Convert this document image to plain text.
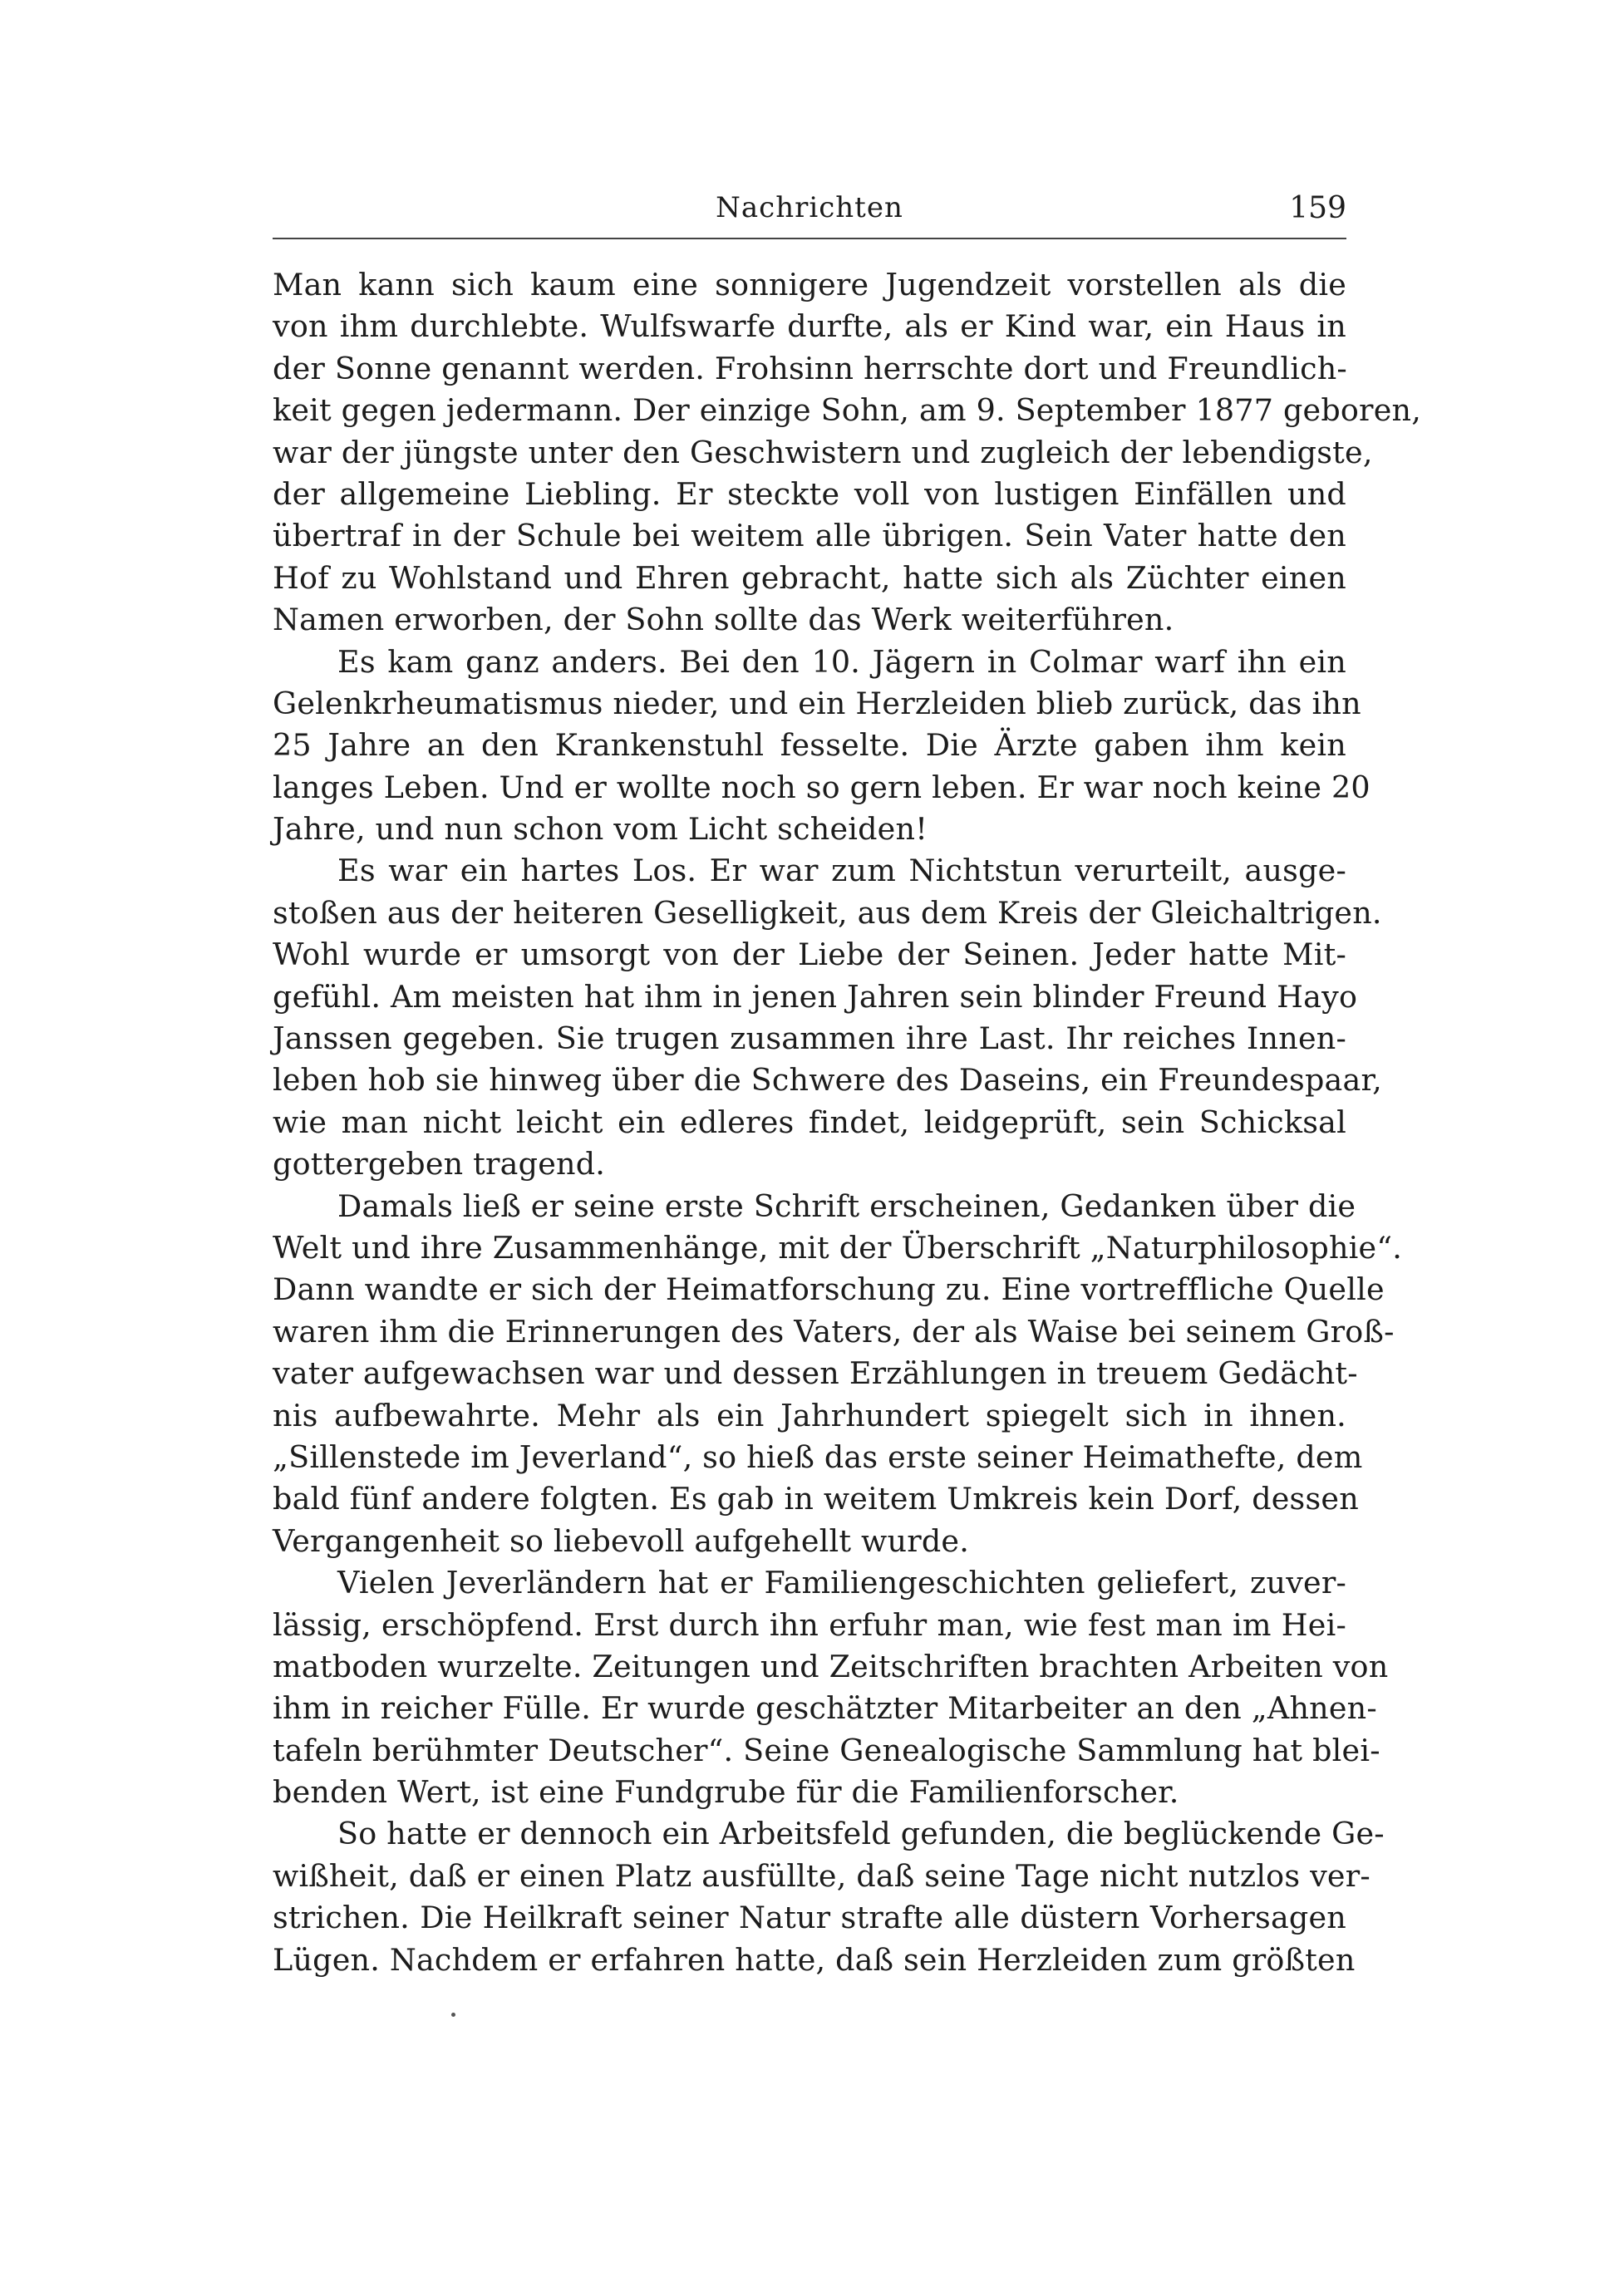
Nachrichten	159
Man kann sich kaum eine sonnigere Jugendzeit vorstellen als die
von ihm durchlebte. Wulfswarfe durfte, als er Kind war, ein Haus in
der Sonne genannt werden. Frohsinn herrschte dort und Freundlich-
keit gegen jedermann. Der einzige Sohn, am 9. September 1877 geboren,
war der jüngste unter den Geschwistern und zugleich der lebendigste,
der allgemeine Liebling. Er steckte voll von lustigen Einfällen und
übertraf in der Schule bei weitem alle übrigen. Sein Vater hatte den
Hof zu Wohlstand und Ehren gebracht, hatte sich als Züchter einen
Namen erworben, der Sohn sollte das Werk weiterführen.
Es kam ganz anders. Bei den 10. Jägern in Colmar warf ihn ein
Gelenkrheumatismus nieder, und ein Herzleiden blieb zurück, das ihn
25 Jahre an den Krankenstuhl fesselte. Die Ärzte gaben ihm kein
langes Leben. Und er wollte noch so gern leben. Er war noch keine 20
Jahre, und nun schon vom Licht scheiden!
Es war ein hartes Los. Er war zum Nichtstun verurteilt, ausge-
stoßen aus der heiteren Geselligkeit, aus dem Kreis der Gleichaltrigen.
Wohl wurde er umsorgt von der Liebe der Seinen. Jeder hatte Mit-
gefühl. Am meisten hat ihm in jenen Jahren sein blinder Freund Hayo
Janssen gegeben. Sie trugen zusammen ihre Last. Ihr reiches Innen-
leben hob sie hinweg über die Schwere des Daseins, ein Freundespaar,
wie man nicht leicht ein edleres findet, leidgeprüft, sein Schicksal
gottergeben tragend.
Damals ließ er seine erste Schrift erscheinen, Gedanken über die
Welt und ihre Zusammenhänge, mit der Überschrift „Naturphilosophie“.
Dann wandte er sich der Heimatforschung zu. Eine vortreffliche Quelle
waren ihm die Erinnerungen des Vaters, der als Waise bei seinem Groß-
vater aufgewachsen war und dessen Erzählungen in treuem Gedächt-
nis aufbewahrte. Mehr als ein Jahrhundert spiegelt sich in ihnen.
„Sillenstede im Jeverland“, so hieß das erste seiner Heimathefte, dem
bald fünf andere folgten. Es gab in weitem Umkreis kein Dorf, dessen
Vergangenheit so liebevoll aufgehellt wurde.
Vielen Jeverländern hat er Familiengeschichten geliefert, zuver-
lässig, erschöpfend. Erst durch ihn erfuhr man, wie fest man im Hei-
matboden wurzelte. Zeitungen und Zeitschriften brachten Arbeiten von
ihm in reicher Fülle. Er wurde geschätzter Mitarbeiter an den „Ahnen-
tafeln berühmter Deutscher“. Seine Genealogische Sammlung hat blei-
benden Wert, ist eine Fundgrube für die Familienforscher.
So hatte er dennoch ein Arbeitsfeld gefunden, die beglückende Ge-
wißheit, daß er einen Platz ausfüllte, daß seine Tage nicht nutzlos ver-
strichen. Die Heilkraft seiner Natur strafte alle düstern Vorhersagen
Lügen. Nachdem er erfahren hatte, daß sein Herzleiden zum größten
